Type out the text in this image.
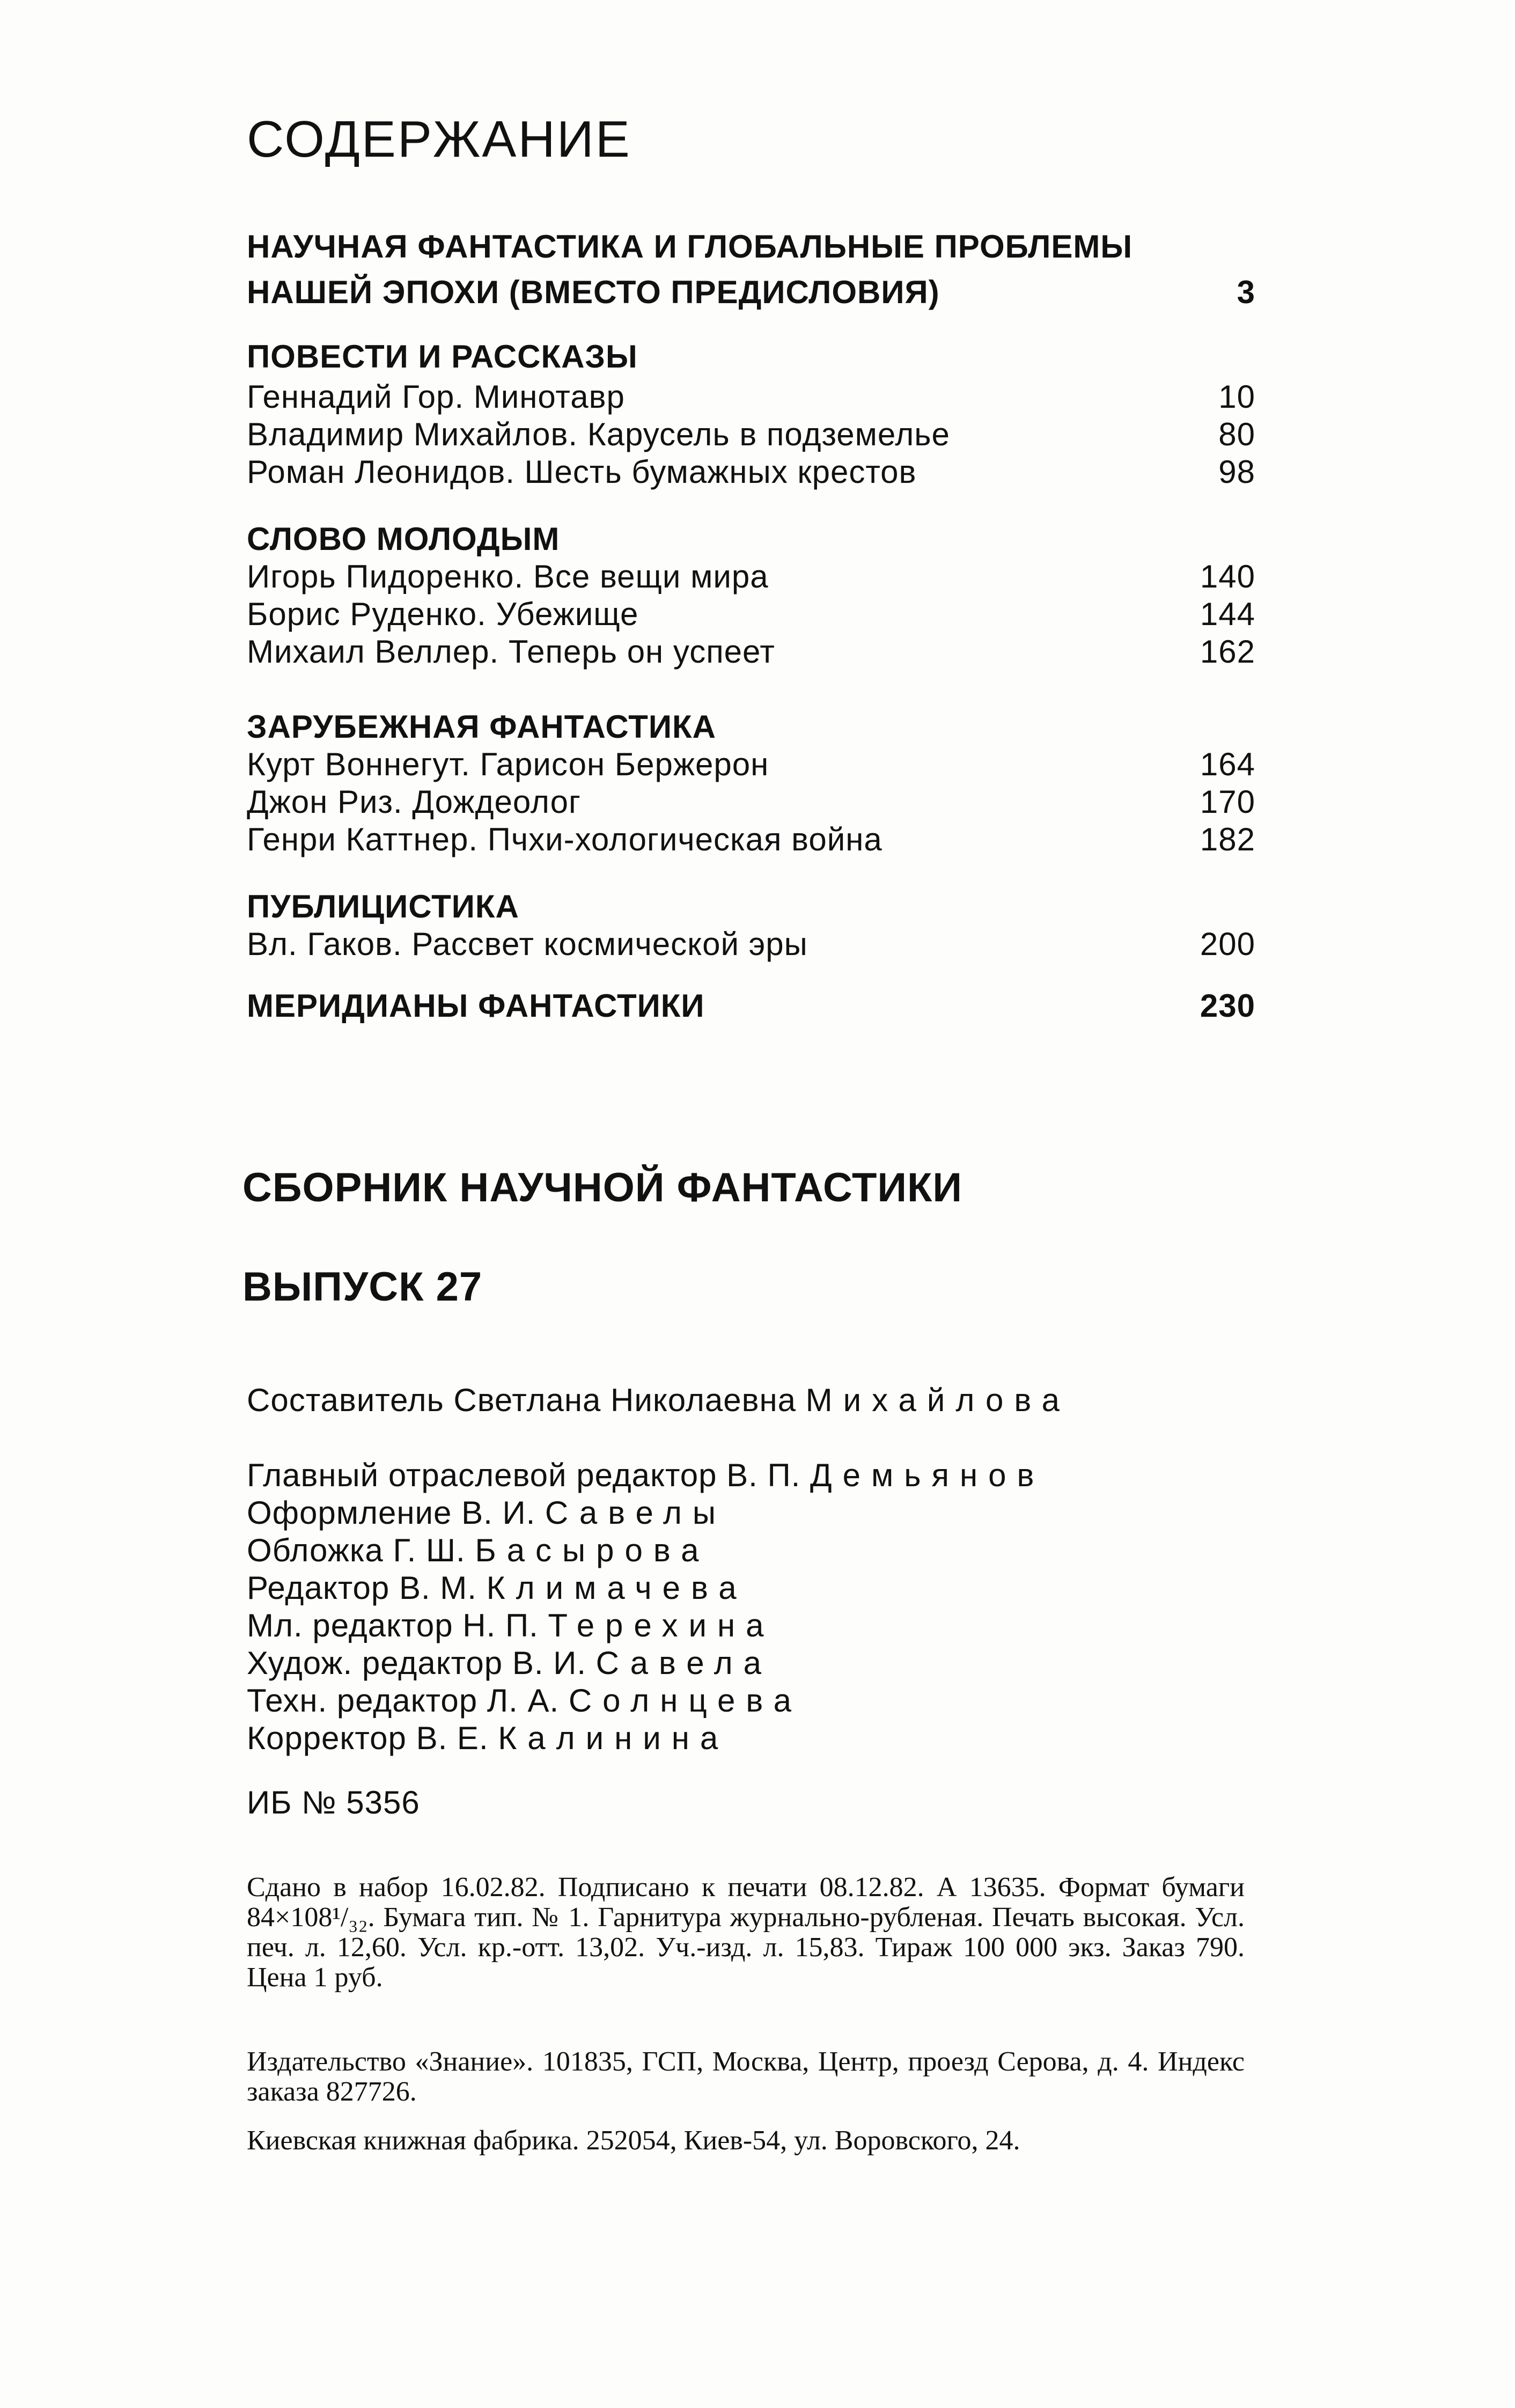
СОДЕРЖАНИЕ
НАУЧНАЯ ФАНТАСТИКА И ГЛОБАЛЬНЫЕ ПРОБЛЕМЫ
НАШЕЙ ЭПОХИ (ВМЕСТО ПРЕДИСЛОВИЯ)	3
ПОВЕСТИ И РАССКАЗЫ
Геннадий Гор. Минотавр	10
Владимир Михайлов. Карусель в подземелье	80
Роман Леонидов. Шесть бумажных крестов	98
СЛОВО МОЛОДЫМ
Игорь Пидоренко. Все вещи мира	140
Борис Руденко. Убежище	144
Михаил Веллер. Теперь он успеет	162
ЗАРУБЕЖНАЯ ФАНТАСТИКА
Курт Воннегут. Гарисон Бержерон	164
Джон Риз. Дождеолог	170
Генри Каттнер. Пчхи-хологическая война	182
ПУБЛИЦИСТИКА
Вл. Гаков. Рассвет космической эры	200
МЕРИДИАНЫ ФАНТАСТИКИ	230
СБОРНИК НАУЧНОЙ ФАНТАСТИКИ
ВЫПУСК 27
Составитель Светлана Николаевна Михайлова
Главный отраслевой редактор В. П. Демьянов
Оформление В. И. Савелы
Обложка Г. Ш. Басырова
Редактор В. М. Климачева
Мл. редактор Н. П. Терехина
Худож. редактор В. И. Савела
Техн. редактор Л. А. Солнцева
Корректор В. Е. Калинина
ИБ № 5356
Сдано в набор 16.02.82. Подписано к печати 08.12.82. А 13635. Формат бумаги 84×108¹/₃₂. Бумага тип. № 1. Гарнитура журнально-рубленая. Печать высокая. Усл. печ. л. 12,60. Усл. кр.-отт. 13,02. Уч.-изд. л. 15,83. Тираж 100 000 экз. Заказ 790. Цена 1 руб.
Издательство «Знание». 101835, ГСП, Москва, Центр, проезд Серова, д. 4. Индекс заказа 827726.
Киевская книжная фабрика. 252054, Киев-54, ул. Воровского, 24.
